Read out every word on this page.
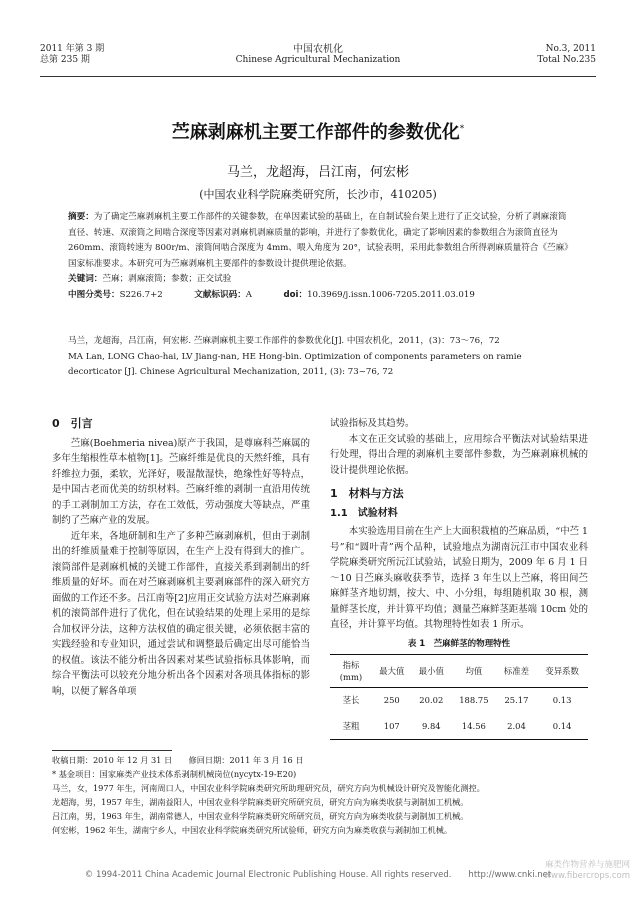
2011 年第 3 期
总第 235 期
中国农机化
Chinese Agricultural Mechanization
No.3, 2011
Total No.235
苎麻剥麻机主要工作部件的参数优化*
马兰，龙超海，吕江南，何宏彬
(中国农业科学院麻类研究所，长沙市，410205)
摘要：为了确定苎麻剥麻机主要工作部件的关键参数，在单因素试验的基础上，在自制试验台架上进行了正交试验，分析了剥麻滚筒直径、转速、双滚筒之间啮合深度等因素对剥麻机剥麻质量的影响，并进行了参数优化，确定了影响因素的参数组合为滚筒直径为 260mm、滚筒转速为 800r/m、滚筒间啮合深度为 4mm、喂入角度为 20°，试验表明，采用此参数组合所得剥麻质量符合《苎麻》国家标准要求。本研究可为苎麻剥麻机主要部件的参数设计提供理论依据。
关键词：苎麻；剥麻滚筒；参数；正交试验
中图分类号：S226.7+2	文献标识码：A	doi：10.3969/j.issn.1006-7205.2011.03.019
马兰，龙超海，吕江南，何宏彬. 苎麻剥麻机主要工作部件的参数优化[J]. 中国农机化，2011，(3)：73～76，72
MA Lan, LONG Chao-hai, LV Jiang-nan, HE Hong-bin. Optimization of components parameters on ramie decorticator [J]. Chinese Agricultural Mechanization, 2011, (3): 73~76, 72
0　引言

苎麻(Boehmeria nivea)原产于我国，是尊麻科苎麻属的多年生缩根性草本植物[1]。苎麻纤维是优良的天然纤维，具有纤维拉力强，柔软，光泽好，吸湿散湿快，绝缘性好等特点，是中国古老而优美的纺织材料。苎麻纤维的剥制一直沿用传统的手工剥制加工方法，存在工效低，劳动强度大等缺点，严重制约了苎麻产业的发展。

近年来，各地研制和生产了多种苎麻剥麻机，但由于剥制出的纤维质量难于控制等原因，在生产上没有得到大的推广。滚筒部件是剥麻机械的关键工作部件，直接关系到剥制出的纤维质量的好坏。而在对苎麻剥麻机主要剥麻部件的深入研究方面做的工作还不多。吕江南等[2]应用正交试验方法对苎麻剥麻机的滚筒部件进行了优化，但在试验结果的处理上采用的是综合加权评分法，这种方法权值的确定很关键，必须依据丰富的实践经验和专业知识，通过尝试和调整最后确定出尽可能恰当的权值。该法不能分析出各因素对某些试验指标具体影响，而综合平衡法可以较充分地分析出各个因素对各项具体指标的影响，以便了解各单项

试验指标及其趋势。

本文在正交试验的基础上，应用综合平衡法对试验结果进行处理，得出合理的剥麻机主要部件参数，为苎麻剥麻机械的设计提供理论依据。

1　材料与方法
1.1　试验材料

本实验选用目前在生产上大面积栽植的苎麻品质，“中苎 1 号”和“圆叶青”两个品种，试验地点为湖南沅江市中国农业科学院麻类研究所沅江试验站，试验日期为，2009 年 6 月 1 日～10 日苎麻头麻收获季节，选择 3 年生以上苎麻，将田间苎麻鲜茎齐地切割，按大、中、小分组，每组随机取 30 根，测量鲜茎长度，并计算平均值；测量苎麻鲜茎距基端 10cm 处的直径，并计算平均值。其物理特性如表 1 所示。

表 1　苎麻鲜茎的物理特性
指标 (mm)	最大值	最小值	均值	标准差	变异系数
茎长	250	20.02	188.75	25.17	0.13
茎粗	107	9.84	14.56	2.04	0.14
收稿日期：2010 年 12 月 31 日　　修回日期：2011 年 3 月 16 日
* 基金项目：国家麻类产业技术体系剥制机械岗位(nycytx-19-E20)
马兰，女，1977 年生，河南周口人，中国农业科学院麻类研究所助理研究员，研究方向为机械设计研究及智能化测控。
龙超海，男，1957 年生，湖南益阳人，中国农业科学院麻类研究所研究员，研究方向为麻类收获与剥制加工机械。
吕江南，男，1963 年生，湖南常德人，中国农业科学院麻类研究所研究员，研究方向为麻类收获与剥制加工机械。
何宏彬，1962 年生，湖南宁乡人，中国农业科学院麻类研究所试验师，研究方向为麻类收获与剥制加工机械。
© 1994-2011 China Academic Journal Electronic Publishing House. All rights reserved.　　http://www.cnki.net
麻类作物营养与施肥网
www.fibercrops.com
